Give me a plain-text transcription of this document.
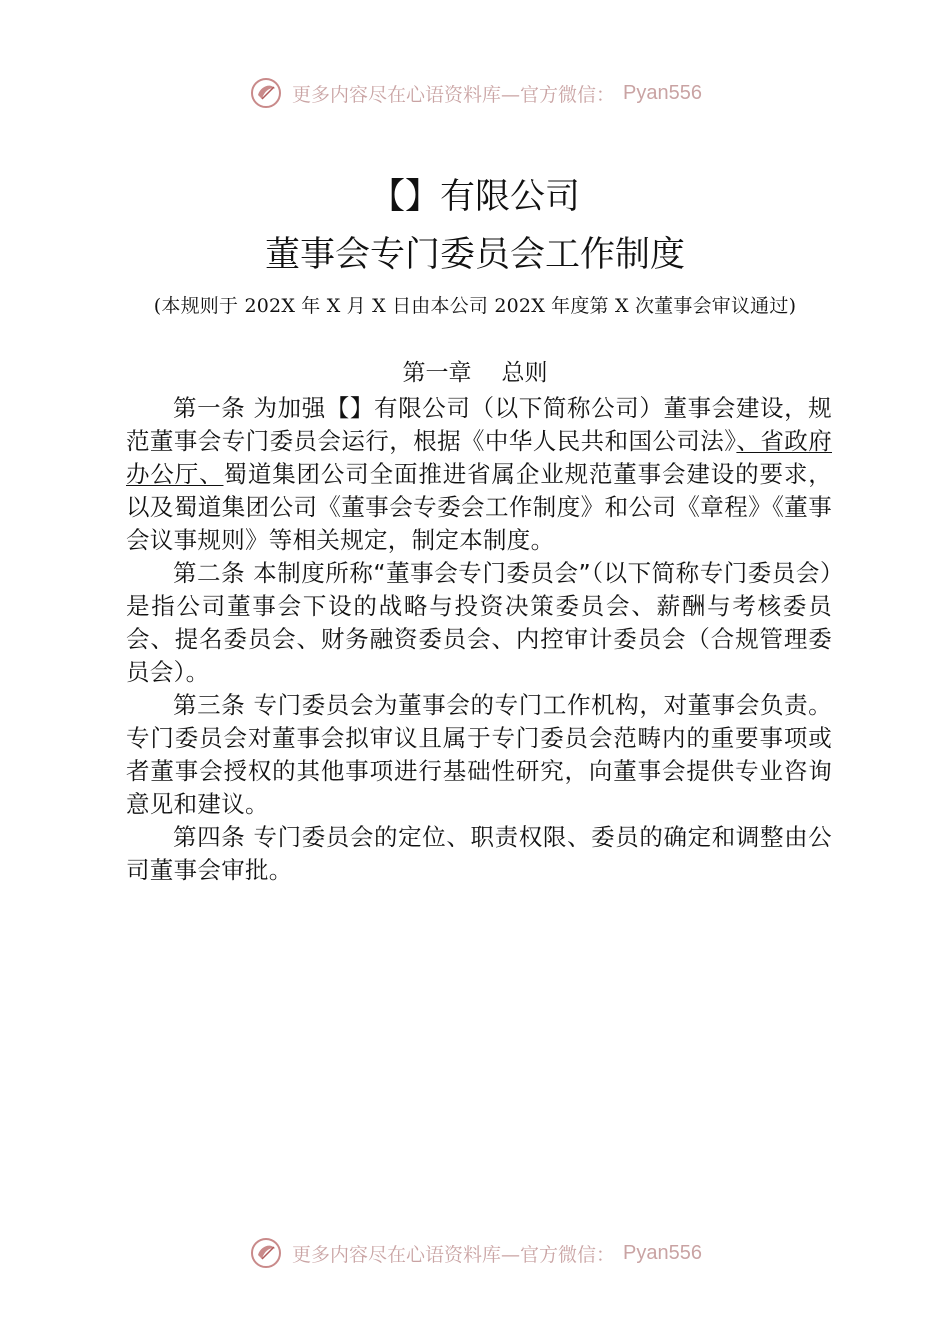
更多内容尽在心语资料库—官方微信： Pyan556
【】有限公司
董事会专门委员会工作制度
(本规则于 202X 年 X 月 X 日由本公司 202X 年度第 X 次董事会审议通过)
第一章 总则

第一条 为加强【】有限公司（以下简称公司）董事会建设，规范董事会专门委员会运行，根据《中华人民共和国公司法》、省政府办公厅、蜀道集团公司全面推进省属企业规范董事会建设的要求，以及蜀道集团公司《董事会专委会工作制度》和公司《章程》《董事会议事规则》等相关规定，制定本制度。

第二条 本制度所称“董事会专门委员会”（以下简称专门委员会）是指公司董事会下设的战略与投资决策委员会、薪酬与考核委员会、提名委员会、财务融资委员会、内控审计委员会（合规管理委员会）。

第三条 专门委员会为董事会的专门工作机构，对董事会负责。专门委员会对董事会拟审议且属于专门委员会范畴内的重要事项或者董事会授权的其他事项进行基础性研究，向董事会提供专业咨询意见和建议。

第四条 专门委员会的定位、职责权限、委员的确定和调整由公司董事会审批。

更多内容尽在心语资料库—官方微信： Pyan556
